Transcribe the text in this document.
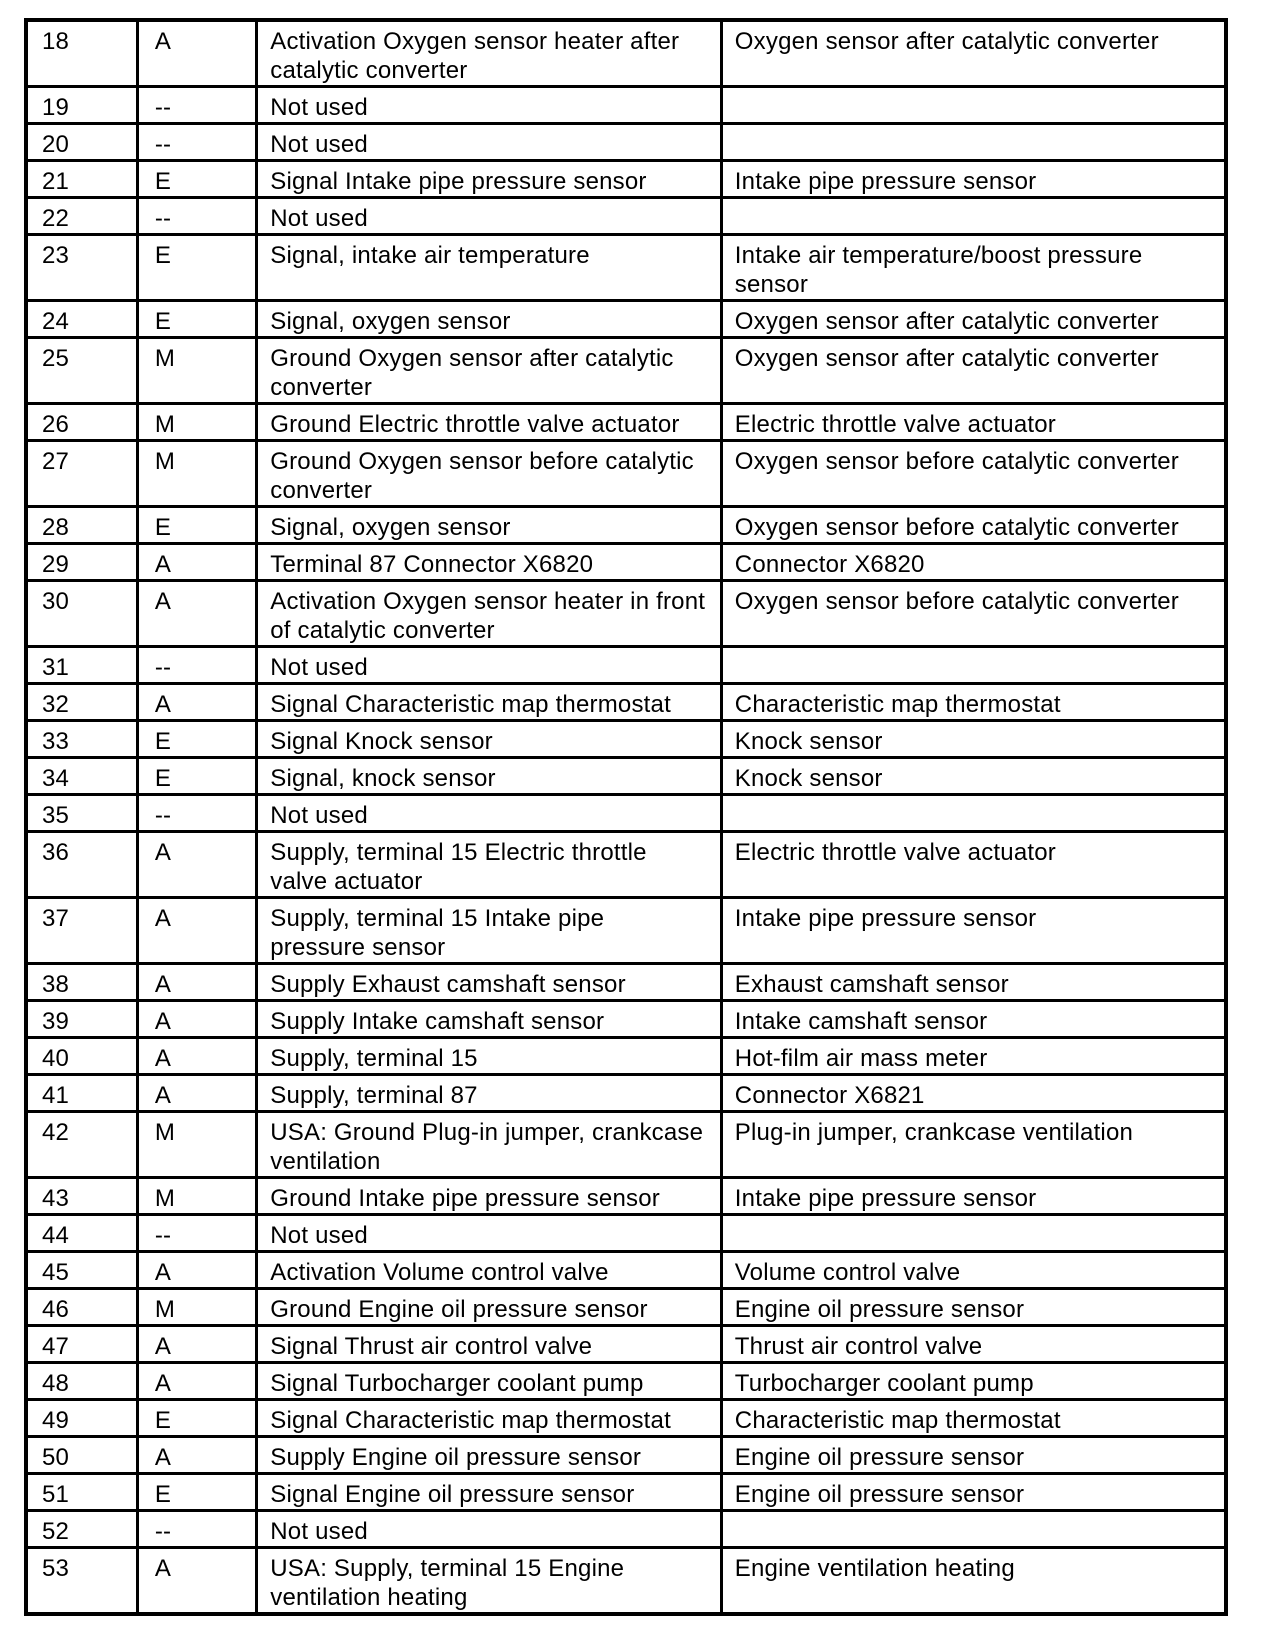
18	A	Activation Oxygen sensor heater after catalytic converter	Oxygen sensor after catalytic converter
19	--	Not used	
20	--	Not used	
21	E	Signal Intake pipe pressure sensor	Intake pipe pressure sensor
22	--	Not used	
23	E	Signal, intake air temperature	Intake air temperature/boost pressure sensor
24	E	Signal, oxygen sensor	Oxygen sensor after catalytic converter
25	M	Ground Oxygen sensor after catalytic converter	Oxygen sensor after catalytic converter
26	M	Ground Electric throttle valve actuator	Electric throttle valve actuator
27	M	Ground Oxygen sensor before catalytic converter	Oxygen sensor before catalytic converter
28	E	Signal, oxygen sensor	Oxygen sensor before catalytic converter
29	A	Terminal 87 Connector X6820	Connector X6820
30	A	Activation Oxygen sensor heater in front of catalytic converter	Oxygen sensor before catalytic converter
31	--	Not used	
32	A	Signal Characteristic map thermostat	Characteristic map thermostat
33	E	Signal Knock sensor	Knock sensor
34	E	Signal, knock sensor	Knock sensor
35	--	Not used	
36	A	Supply, terminal 15 Electric throttle valve actuator	Electric throttle valve actuator
37	A	Supply, terminal 15 Intake pipe pressure sensor	Intake pipe pressure sensor
38	A	Supply Exhaust camshaft sensor	Exhaust camshaft sensor
39	A	Supply Intake camshaft sensor	Intake camshaft sensor
40	A	Supply, terminal 15	Hot-film air mass meter
41	A	Supply, terminal 87	Connector X6821
42	M	USA: Ground Plug-in jumper, crankcase ventilation	Plug-in jumper, crankcase ventilation
43	M	Ground Intake pipe pressure sensor	Intake pipe pressure sensor
44	--	Not used	
45	A	Activation Volume control valve	Volume control valve
46	M	Ground Engine oil pressure sensor	Engine oil pressure sensor
47	A	Signal Thrust air control valve	Thrust air control valve
48	A	Signal Turbocharger coolant pump	Turbocharger coolant pump
49	E	Signal Characteristic map thermostat	Characteristic map thermostat
50	A	Supply Engine oil pressure sensor	Engine oil pressure sensor
51	E	Signal Engine oil pressure sensor	Engine oil pressure sensor
52	--	Not used	
53	A	USA: Supply, terminal 15 Engine ventilation heating	Engine ventilation heating
